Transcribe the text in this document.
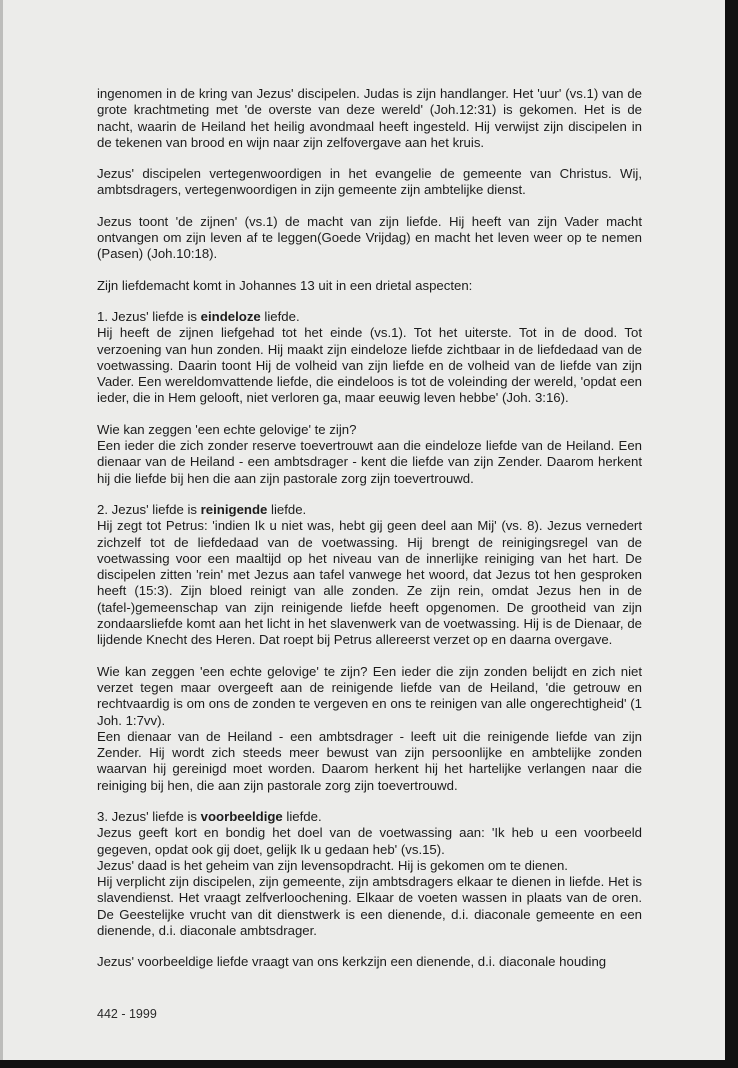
ingenomen in de kring van Jezus' discipelen. Judas is zijn handlanger. Het 'uur' (vs.1) van de grote krachtmeting met 'de overste van deze wereld' (Joh.12:31) is gekomen. Het is de nacht, waarin de Heiland het heilig avondmaal heeft ingesteld. Hij verwijst zijn discipelen in de tekenen van brood en wijn naar zijn zelfovergave aan het kruis.

Jezus' discipelen vertegenwoordigen in het evangelie de gemeente van Christus. Wij, ambtsdragers, vertegenwoordigen in zijn gemeente zijn ambtelijke dienst.

Jezus toont 'de zijnen' (vs.1) de macht van zijn liefde. Hij heeft van zijn Vader macht ontvangen om zijn leven af te leggen(Goede Vrijdag) en macht het leven weer op te nemen (Pasen) (Joh.10:18).

Zijn liefdemacht komt in Johannes 13 uit in een drietal aspecten:

1. Jezus' liefde is eindeloze liefde.

Hij heeft de zijnen liefgehad tot het einde (vs.1). Tot het uiterste. Tot in de dood. Tot verzoening van hun zonden. Hij maakt zijn eindeloze liefde zichtbaar in de liefdedaad van de voetwassing. Daarin toont Hij de volheid van zijn liefde en de volheid van de liefde van zijn Vader. Een wereldomvattende liefde, die eindeloos is tot de voleinding der wereld, 'opdat een ieder, die in Hem gelooft, niet verloren ga, maar eeuwig leven hebbe' (Joh. 3:16).

Wie kan zeggen 'een echte gelovige' te zijn?

Een ieder die zich zonder reserve toevertrouwt aan die eindeloze liefde van de Heiland. Een dienaar van de Heiland - een ambtsdrager - kent die liefde van zijn Zender. Daarom herkent hij die liefde bij hen die aan zijn pastorale zorg zijn toevertrouwd.

2. Jezus' liefde is reinigende liefde.

Hij zegt tot Petrus: 'indien Ik u niet was, hebt gij geen deel aan Mij' (vs. 8). Jezus vernedert zichzelf tot de liefdedaad van de voetwassing. Hij brengt de reinigingsregel van de voetwassing voor een maaltijd op het niveau van de innerlijke reiniging van het hart. De discipelen zitten 'rein' met Jezus aan tafel vanwege het woord, dat Jezus tot hen gesproken heeft (15:3). Zijn bloed reinigt van alle zonden. Ze zijn rein, omdat Jezus hen in de (tafel-)gemeenschap van zijn reinigende liefde heeft opgenomen. De grootheid van zijn zondaarsliefde komt aan het licht in het slavenwerk van de voetwassing. Hij is de Dienaar, de lijdende Knecht des Heren. Dat roept bij Petrus allereerst verzet op en daarna overgave.

Wie kan zeggen 'een echte gelovige' te zijn? Een ieder die zijn zonden belijdt en zich niet verzet tegen maar overgeeft aan de reinigende liefde van de Heiland, 'die getrouw en rechtvaardig is om ons de zonden te vergeven en ons te reinigen van alle ongerechtigheid' (1 Joh. 1:7vv).

Een dienaar van de Heiland - een ambtsdrager - leeft uit die reinigende liefde van zijn Zender. Hij wordt zich steeds meer bewust van zijn persoonlijke en ambtelijke zonden waarvan hij gereinigd moet worden. Daarom herkent hij het hartelijke verlangen naar die reiniging bij hen, die aan zijn pastorale zorg zijn toevertrouwd.

3. Jezus' liefde is voorbeeldige liefde.

Jezus geeft kort en bondig het doel van de voetwassing aan: 'Ik heb u een voorbeeld gegeven, opdat ook gij doet, gelijk Ik u gedaan heb' (vs.15).

Jezus' daad is het geheim van zijn levensopdracht. Hij is gekomen om te dienen.

Hij verplicht zijn discipelen, zijn gemeente, zijn ambtsdragers elkaar te dienen in liefde. Het is slavendienst. Het vraagt zelfverloochening. Elkaar de voeten wassen in plaats van de oren. De Geestelijke vrucht van dit dienstwerk is een dienende, d.i. diaconale gemeente en een dienende, d.i. diaconale ambtsdrager.

Jezus' voorbeeldige liefde vraagt van ons kerkzijn een dienende, d.i. diaconale houding

442 - 1999
